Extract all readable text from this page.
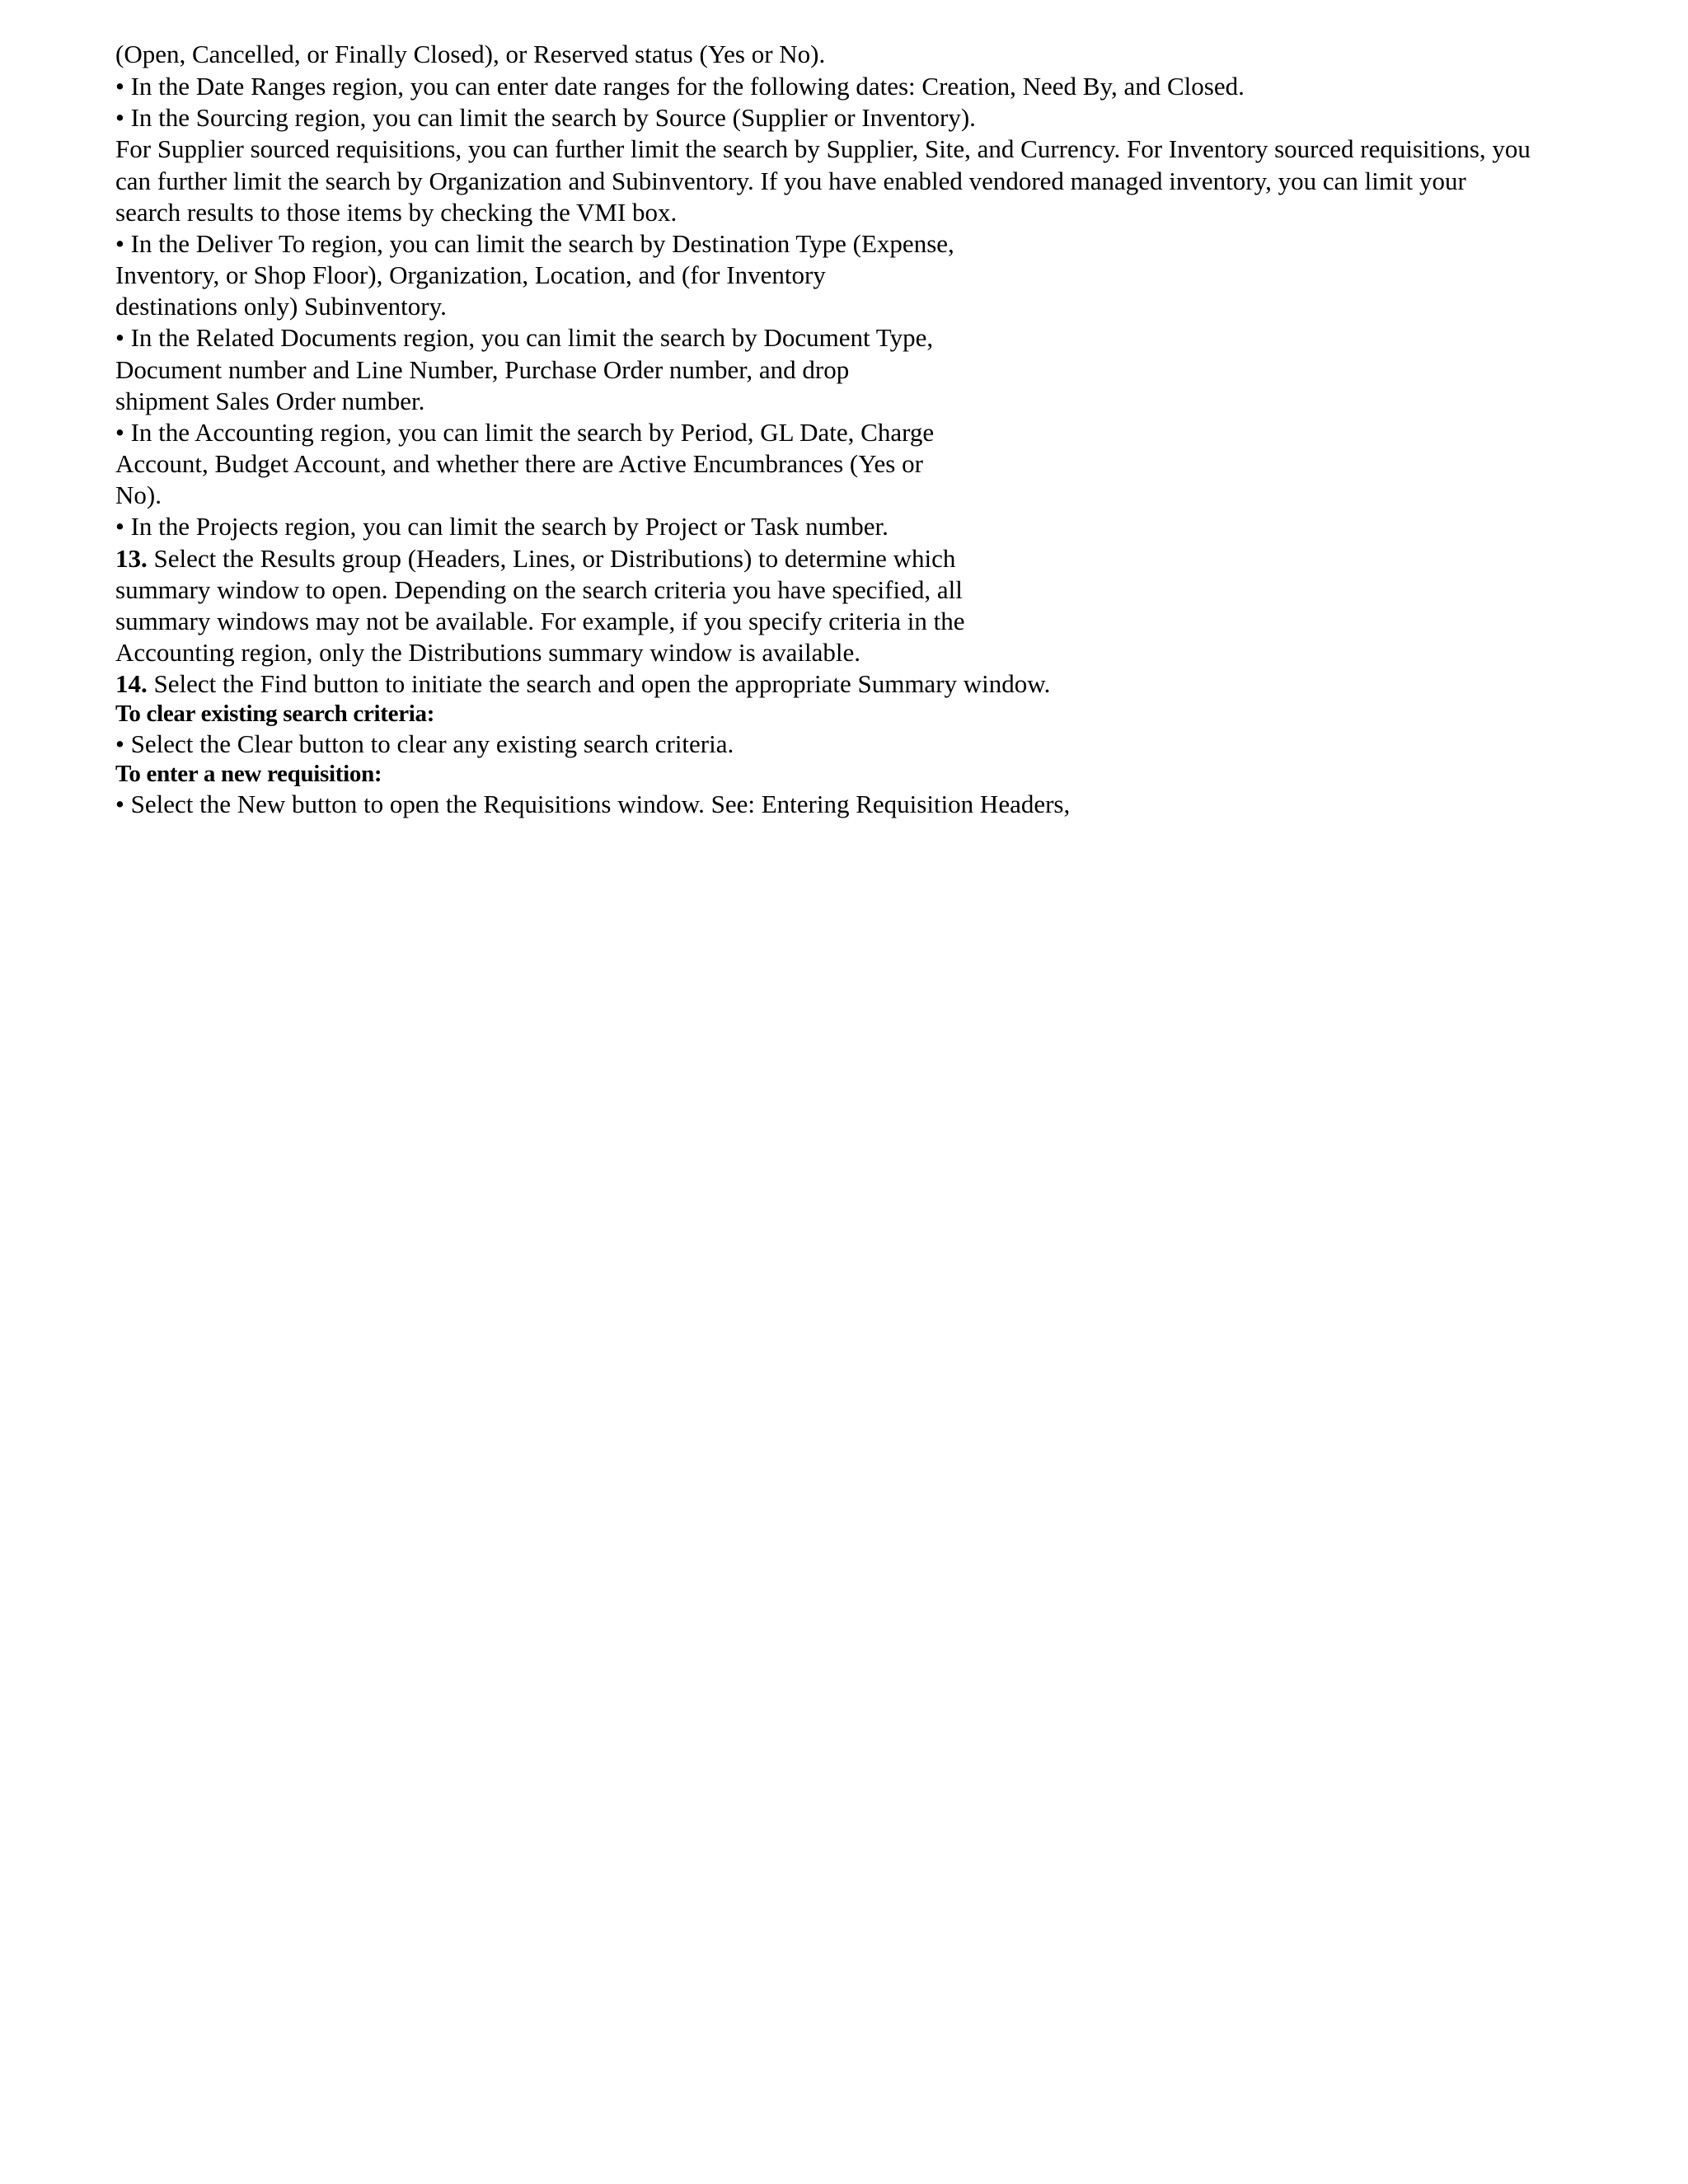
(Open, Cancelled, or Finally Closed), or Reserved status (Yes or No).
• In the Date Ranges region, you can enter date ranges for the following dates: Creation, Need By, and Closed.
• In the Sourcing region, you can limit the search by Source (Supplier or Inventory).
For Supplier sourced requisitions, you can further limit the search by Supplier, Site, and Currency. For Inventory sourced requisitions, you
can further limit the search by Organization and Subinventory. If you have enabled vendored managed inventory, you can limit your
search results to those items by checking the VMI box.
• In the Deliver To region, you can limit the search by Destination Type (Expense,
Inventory, or Shop Floor), Organization, Location, and (for Inventory
destinations only) Subinventory.
• In the Related Documents region, you can limit the search by Document Type,
Document number and Line Number, Purchase Order number, and drop
shipment Sales Order number.
• In the Accounting region, you can limit the search by Period, GL Date, Charge
Account, Budget Account, and whether there are Active Encumbrances (Yes or
No).
• In the Projects region, you can limit the search by Project or Task number.
13. Select the Results group (Headers, Lines, or Distributions) to determine which
summary window to open. Depending on the search criteria you have specified, all
summary windows may not be available. For example, if you specify criteria in the
Accounting region, only the Distributions summary window is available.
14. Select the Find button to initiate the search and open the appropriate Summary window.
To clear existing search criteria:
• Select the Clear button to clear any existing search criteria.
To enter a new requisition:
• Select the New button to open the Requisitions window. See: Entering Requisition Headers,
